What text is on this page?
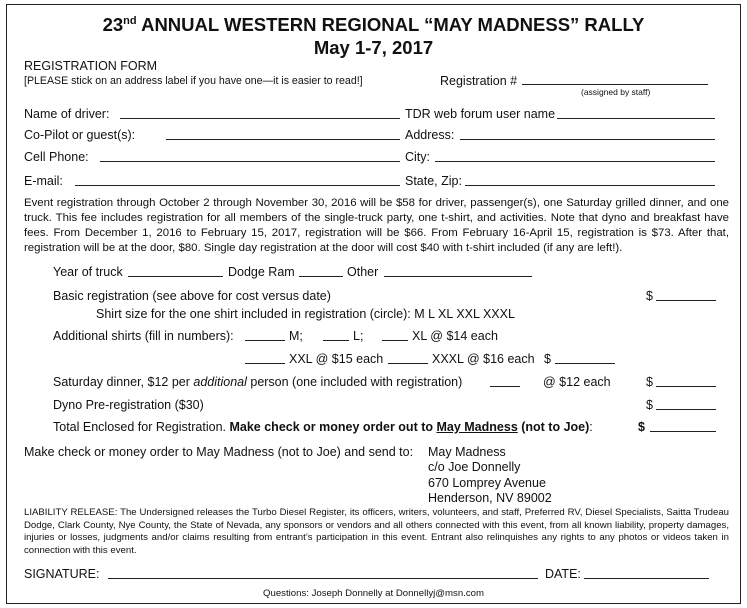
23nd ANNUAL WESTERN REGIONAL “MAY MADNESS” RALLY
May 1-7, 2017
REGISTRATION FORM
[PLEASE stick on an address label if you have one—it is easier to read!]	Registration #
(assigned by staff)
Name of driver:	TDR web forum user name
Co-Pilot or guest(s):	Address:
Cell Phone:	City:
E-mail:	State, Zip:
Event registration through October 2 through November 30, 2016 will be $58 for driver, passenger(s), one Saturday grilled dinner, and one truck. This fee includes registration for all members of the single-truck party, one t-shirt, and activities. Note that dyno and breakfast have fees. From December 1, 2016 to February 15, 2017, registration will be $66. From February 16-April 15, registration is $73. After that, registration will be at the door, $80. Single day registration at the door will cost $40 with t-shirt included (if any are left!).
Year of truck	Dodge Ram	Other
Basic registration (see above for cost versus date)	$
Shirt size for the one shirt included in registration (circle): M L XL XXL XXXL
Additional shirts (fill in numbers):	M;	L;	XL @ $14 each
XXL @ $15 each	XXXL @ $16 each $
Saturday dinner, $12 per additional person (one included with registration)	@ $12 each	$
Dyno Pre-registration ($30)	$
Total Enclosed for Registration. Make check or money order out to May Madness (not to Joe):	$
Make check or money order to May Madness (not to Joe) and send to: May Madness
c/o Joe Donnelly
670 Lomprey Avenue
Henderson, NV 89002
LIABILITY RELEASE: The Undersigned releases the Turbo Diesel Register, its officers, writers, volunteers, and staff, Preferred RV, Diesel Specialists, Saitta Trudeau Dodge, Clark County, Nye County, the State of Nevada, any sponsors or vendors and all others connected with this event, from all known liability, property damages, injuries or losses, judgments and/or claims resulting from entrant’s participation in this event. Entrant also relinquishes any rights to any photos or videos taken in connection with this event.
SIGNATURE:	DATE:
Questions: Joseph Donnelly at Donnellyj@msn.com
